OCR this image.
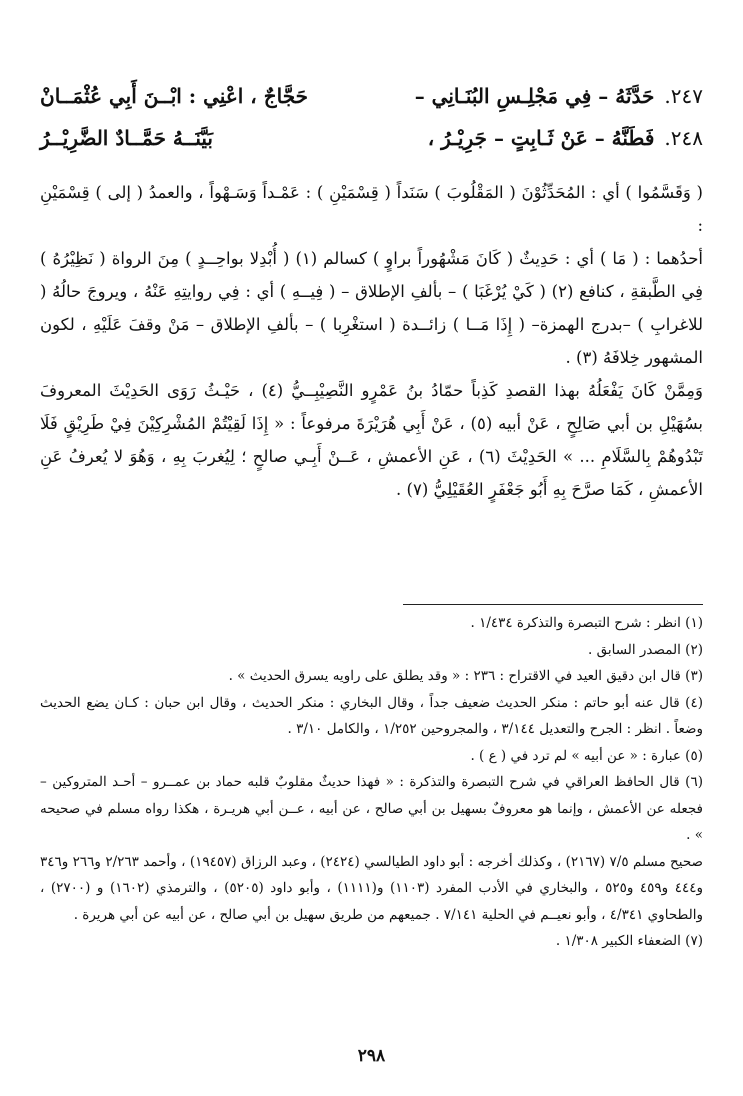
٢٤٧.
حَدَّثَهُ – فِي مَجْلِـسِ البُنَـانِي –
حَجَّاجٌ ، اعْنِي : ابْــنَ أَبِي عُثْمَــانْ
٢٤٨.
فَطَنَّهُ – عَنْ ثَـابِتٍ – جَرِيْـرُ ،
بَيَّنَــهُ حَمَّــادٌ الضَّرِيْــرُ

( وَقَسَّمُوا ) أي : المُحَدِّثُوْنَ ( المَقْلُوبَ ) سَنَداً ( قِسْمَيْنِ ) : عَمْـداً وَسَـهْواً ، والعمدُ ( إلى ) قِسْمَيْنِ :

أحدُهما : ( مَا ) أي : حَدِيثٌ ( كَانَ مَشْهُوراً براوٍ ) كسالم (١) ( أُبْدِلا بواحِــدٍ ) مِنَ الرواة ( نَظِيْرُهُ ) فِي الطَّبقةِ ، كنافع (٢) ( كَيْ يُرْغَبَا ) – بألفِ الإطلاق – ( فِيــهِ ) أي : فِي روايتِهِ عَنْهُ ، ويروجَ حالُهُ ( للاغرابِ ) –بدرج الهمزة– ( إِذَا مَــا ) زائــدة ( استغْرِبا ) – بألفِ الإطلاق – مَنْ وقفَ عَلَيْهِ ، لكون المشهور خِلافَهُ (٣) .

وَمِمَّنْ كَانَ يَفْعَلُهُ بهذا القصدِ كَذِباً حمّادُ بنُ عَمْرٍو النَّصِيْبِــيُّ (٤) ، حَيْـثُ رَوَى الحَدِيْثَ المعروفَ بسُهَيْلِ بن أبي صَالِحٍ ، عَنْ أبيه (٥) ، عَنْ أَبِي هُرَيْرَةَ مرفوعاً : « إِذَا لَقِيْتُمْ المُشْرِكِيْنَ فِيْ طَرِيْقٍ فَلَا تَبْدُوهُمْ بِالسَّلَامِ ... » الحَدِيْثَ (٦) ، عَنِ الأعمشِ ، عَــنْ أَبِـي صالحٍ ؛ لِيُغربَ بِهِ ، وَهُوَ لا يُعرفُ عَنِ الأعمشِ ، كَمَا صرَّحَ بِهِ أَبُو جَعْفَرٍ العُقَيْلِيُّ (٧) .

(١) انظر : شرح التبصرة والتذكرة ١/٤٣٤ .

(٢) المصدر السابق .

(٣) قال ابن دقيق العيد في الاقتراح : ٢٣٦ : « وقد يطلق على راويه يسرق الحديث » .

(٤) قال عنه أبو حاتم : منكر الحديث ضعيف جداً ، وقال البخاري : منكر الحديث ، وقال ابن حبان : كـان يضع الحديث وضعاً . انظر : الجرح والتعديل ٣/١٤٤ ، والمجروحين ١/٢٥٢ ، والكامل ٣/١٠ .

(٥) عبارة : « عن أبيه » لم ترد في ( ع ) .

(٦) قال الحافظ العراقي في شرح التبصرة والتذكرة : « فهذا حديثٌ مقلوبٌ قلبه حماد بن عمــرو – أحـد المتروكين – فجعله عن الأعمش ، وإنما هو معروفٌ بسهيل بن أبي صالح ، عن أبيه ، عــن أبي هريـرة ، هكذا رواه مسلم في صحيحه » .

صحيح مسلم ٧/٥ (٢١٦٧) ، وكذلك أخرجه : أبو داود الطيالسي (٢٤٢٤) ، وعبد الرزاق (١٩٤٥٧) ، وأحمد ٢/٢٦٣ و٢٦٦ و٣٤٦ و٤٤٤ و٤٥٩ و٥٢٥ ، والبخاري في الأدب المفرد (١١٠٣) و(١١١١) ، وأبو داود (٥٢٠٥) ، والترمذي (١٦٠٢) و (٢٧٠٠) ، والطحاوي ٤/٣٤١ ، وأبو نعيــم في الحلية ٧/١٤١ . جميعهم من طريق سهيل بن أبي صالح ، عن أبيه عن أبي هريرة .

(٧) الضعفاء الكبير ١/٣٠٨ .

٢٩٨
